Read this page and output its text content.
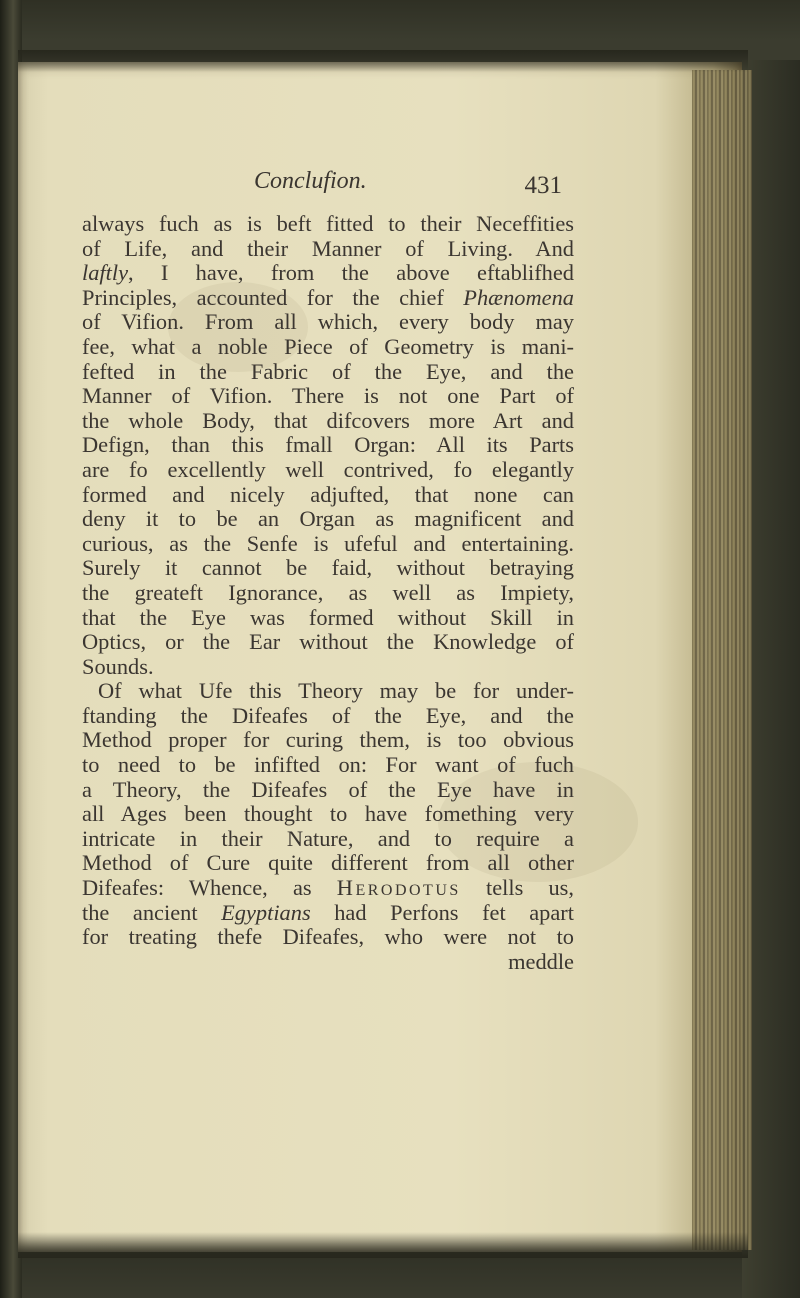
Conclufion.	431
always fuch as is beft fitted to their Neceffities
of Life, and their Manner of Living. And
laftly, I have, from the above eftablifhed
Principles, accounted for the chief Phænomena
of Vifion. From all which, every body may
fee, what a noble Piece of Geometry is mani-
fefted in the Fabric of the Eye, and the
Manner of Vifion. There is not one Part of
the whole Body, that difcovers more Art and
Defign, than this fmall Organ: All its Parts
are fo excellently well contrived, fo elegantly
formed and nicely adjufted, that none can
deny it to be an Organ as magnificent and
curious, as the Senfe is ufeful and entertaining.
Surely it cannot be faid, without betraying
the greateft Ignorance, as well as Impiety,
that the Eye was formed without Skill in
Optics, or the Ear without the Knowledge of
Sounds.
Of what Ufe this Theory may be for under-
ftanding the Difeafes of the Eye, and the
Method proper for curing them, is too obvious
to need to be infifted on: For want of fuch
a Theory, the Difeafes of the Eye have in
all Ages been thought to have fomething very
intricate in their Nature, and to require a
Method of Cure quite different from all other
Difeafes: Whence, as Herodotus tells us,
the ancient Egyptians had Perfons fet apart
for treating thefe Difeafes, who were not to
meddle
